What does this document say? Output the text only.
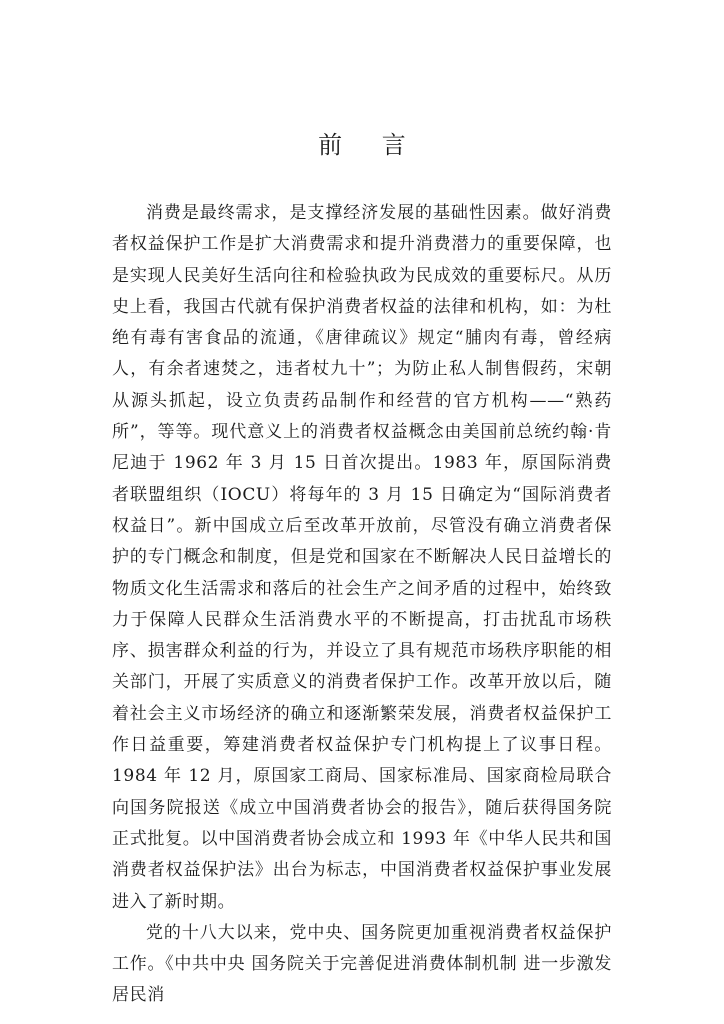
前 言

消费是最终需求，是支撑经济发展的基础性因素。做好消费者权益保护工作是扩大消费需求和提升消费潜力的重要保障，也是实现人民美好生活向往和检验执政为民成效的重要标尺。从历史上看，我国古代就有保护消费者权益的法律和机构，如：为杜绝有毒有害食品的流通，《唐律疏议》规定“脯肉有毒，曾经病人，有余者速焚之，违者杖九十”；为防止私人制售假药，宋朝从源头抓起，设立负责药品制作和经营的官方机构——“熟药所”，等等。现代意义上的消费者权益概念由美国前总统约翰·肯尼迪于 1962 年 3 月 15 日首次提出。1983 年，原国际消费者联盟组织（IOCU）将每年的 3 月 15 日确定为“国际消费者权益日”。新中国成立后至改革开放前，尽管没有确立消费者保护的专门概念和制度，但是党和国家在不断解决人民日益增长的物质文化生活需求和落后的社会生产之间矛盾的过程中，始终致力于保障人民群众生活消费水平的不断提高，打击扰乱市场秩序、损害群众利益的行为，并设立了具有规范市场秩序职能的相关部门，开展了实质意义的消费者保护工作。改革开放以后，随着社会主义市场经济的确立和逐渐繁荣发展，消费者权益保护工作日益重要，筹建消费者权益保护专门机构提上了议事日程。1984 年 12 月，原国家工商局、国家标准局、国家商检局联合向国务院报送《成立中国消费者协会的报告》，随后获得国务院正式批复。以中国消费者协会成立和 1993 年《中华人民共和国消费者权益保护法》出台为标志，中国消费者权益保护事业发展进入了新时期。

党的十八大以来，党中央、国务院更加重视消费者权益保护工作。《中共中央 国务院关于完善促进消费体制机制 进一步激发居民消
